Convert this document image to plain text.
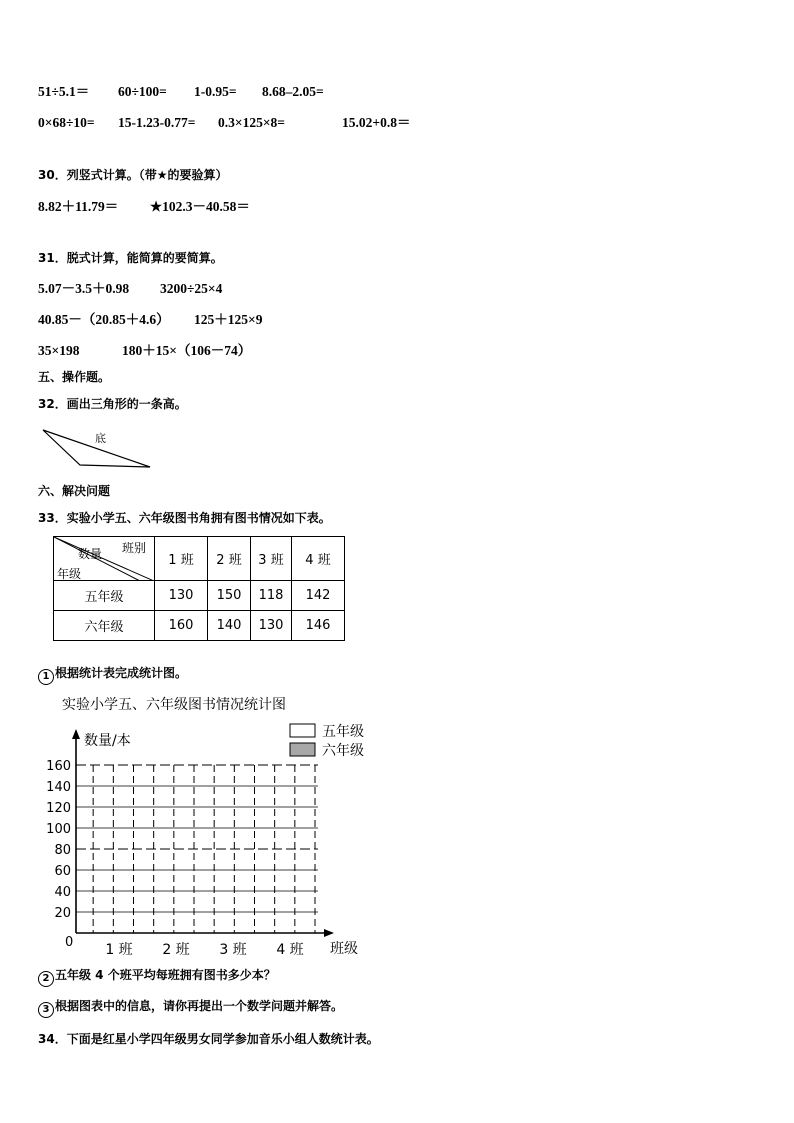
51÷5.1＝ 60÷100= 1-0.95= 8.68–2.05=
0×68÷10= 15-1.23-0.77= 0.3×125×8=	15.02+0.8＝
30．列竖式计算。（带★的要验算）
8.82＋11.79＝ ★102.3－40.58＝
31．脱式计算，能简算的要简算。
5.07－3.5＋0.98 3200÷25×4
40.85－（20.85＋4.6） 125＋125×9
35×198	180＋15×（106－74）
五、操作题。
32．画出三角形的一条高。
底
六、解决问题
33．实验小学五、六年级图书角拥有图书情况如下表。
班别
数量
年级	1 班	2 班	3 班	4 班
五年级	130	150	118	142
六年级	160	140	130	146
1 根据统计表完成统计图。
实验小学五、六年级图书情况统计图
数量/本
班级
0
五年级
六年级
20
40
60
80
100
120
140
160
1 班 2 班 3 班 4 班
2 五年级 4 个班平均每班拥有图书多少本？
3 根据图表中的信息，请你再提出一个数学问题并解答。
34．下面是红星小学四年级男女同学参加音乐小组人数统计表。
